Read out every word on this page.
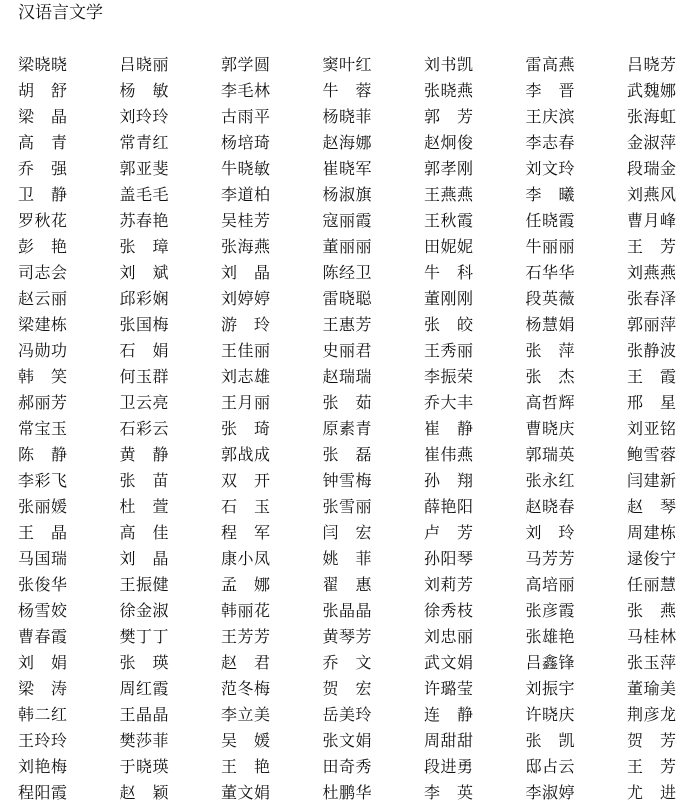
汉语言文学
梁晓晓	吕晓丽	郭学圆	窦叶红	刘书凯	雷高燕	吕晓芳
胡　舒	杨　敏	李毛林	牛　蓉	张晓燕	李　晋	武魏娜
梁　晶	刘玲玲	古雨平	杨晓菲	郭　芳	王庆滨	张海虹
高　青	常青红	杨培琦	赵海娜	赵炯俊	李志春	金淑萍
乔　强	郭亚斐	牛晓敏	崔晓军	郭孝刚	刘文玲	段瑞金
卫　静	盖毛毛	李道柏	杨淑旗	王燕燕	李　曦	刘燕风
罗秋花	苏春艳	吴桂芳	寇丽霞	王秋霞	任晓霞	曹月峰
彭　艳	张　璋	张海燕	董丽丽	田妮妮	牛丽丽	王　芳
司志会	刘　斌	刘　晶	陈经卫	牛　科	石华华	刘燕燕
赵云丽	邱彩娴	刘婷婷	雷晓聪	董刚刚	段英薇	张春泽
梁建栋	张国梅	游　玲	王惠芳	张　皎	杨慧娟	郭丽萍
冯勋功	石　娟	王佳丽	史丽君	王秀丽	张　萍	张静波
韩　笑	何玉群	刘志雄	赵瑞瑞	李振荣	张　杰	王　霞
郝丽芳	卫云亮	王月丽	张　茹	乔大丰	高哲辉	邢　星
常宝玉	石彩云	张　琦	原素青	崔　静	曹晓庆	刘亚铭
陈　静	黄　静	郭战成	张　磊	崔伟燕	郭瑞英	鲍雪蓉
李彩飞	张　苗	双　开	钟雪梅	孙　翔	张永红	闫建新
张丽媛	杜　萱	石　玉	张雪丽	薛艳阳	赵晓春	赵　琴
王　晶	高　佳	程　军	闫　宏	卢　芳	刘　玲	周建栋
马国瑞	刘　晶	康小凤	姚　菲	孙阳琴	马芳芳	逯俊宁
张俊华	王振健	孟　娜	翟　惠	刘莉芳	高培丽	任丽慧
杨雪姣	徐金淑	韩丽花	张晶晶	徐秀枝	张彦霞	张　燕
曹春霞	樊丁丁	王芳芳	黄琴芳	刘忠丽	张雄艳	马桂林
刘　娟	张　瑛	赵　君	乔　文	武文娟	吕鑫锋	张玉萍
梁　涛	周红霞	范冬梅	贺　宏	许璐莹	刘振宇	董瑜美
韩二红	王晶晶	李立美	岳美玲	连　静	许晓庆	荆彦龙
王玲玲	樊莎菲	吴　媛	张文娟	周甜甜	张　凯	贺　芳
刘艳梅	于晓瑛	王　艳	田奇秀	段进勇	邸占云	王　芳
程阳霞	赵　颖	董文娟	杜鹏华	李　英	李淑婷	尤　进
